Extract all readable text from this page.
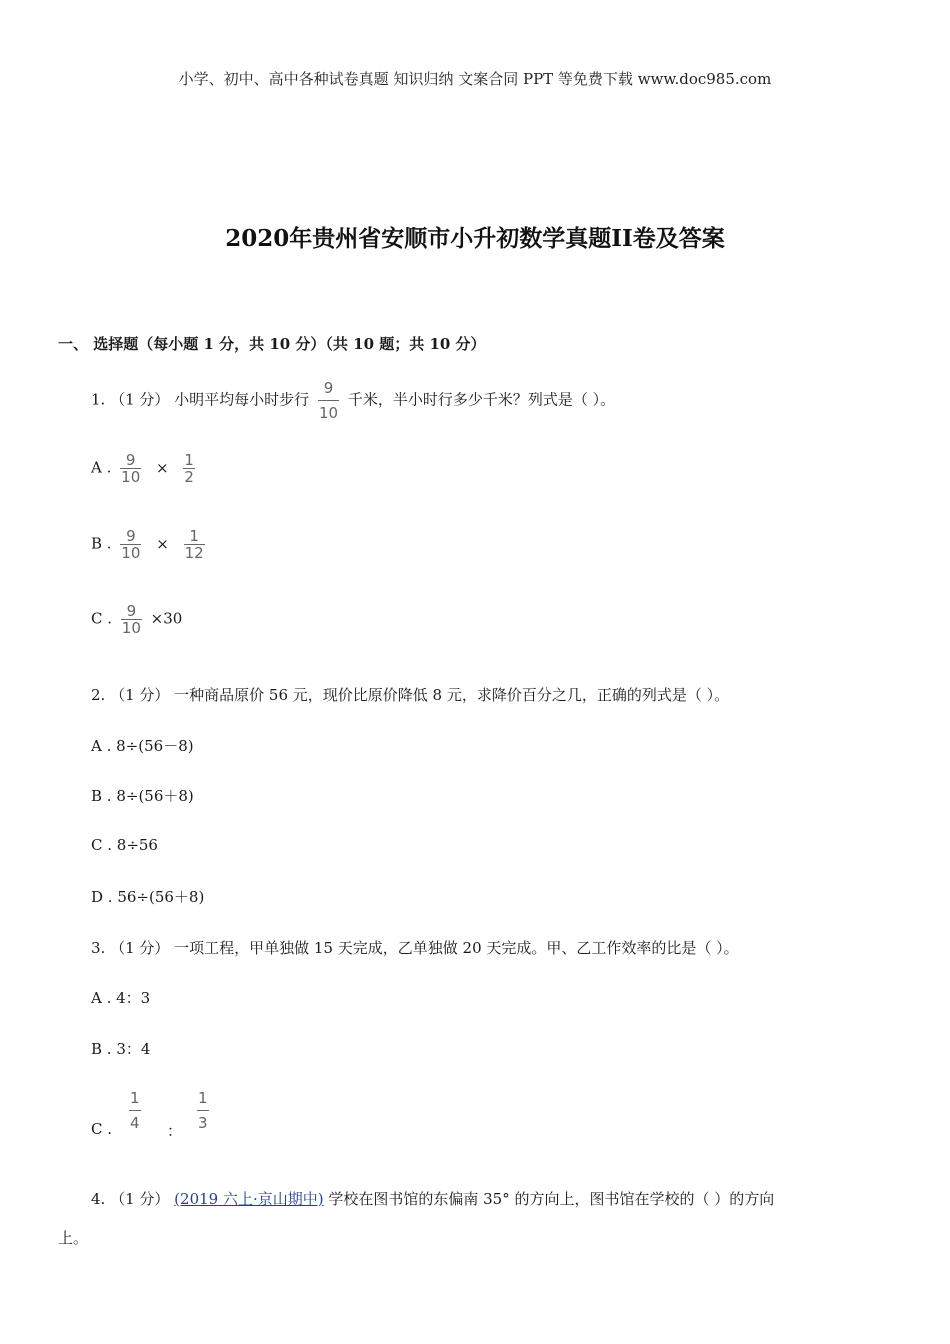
小学、初中、高中各种试卷真题 知识归纳 文案合同 PPT 等免费下载 www.doc985.com
2020年贵州省安顺市小升初数学真题II卷及答案
一、 选择题（每小题 1 分，共 10 分）（共 10 题；共 10 分）
1. （1 分） 小明平均每小时步行 $\frac{9}{10}$ 千米，半小时行多少千米？列式是（ ）。
A . $\frac{9}{10} \times \frac{1}{2}$
B . $\frac{9}{10} \times \frac{1}{12}$
C . $\frac{9}{10} \times 30$
2. （1 分） 一种商品原价 56 元，现价比原价降低 8 元，求降价百分之几，正确的列式是（ ）。
A . 8÷(56－8)
B . 8÷(56＋8)
C . 8÷56
D . 56÷(56＋8)
3. （1 分） 一项工程，甲单独做 15 天完成，乙单独做 20 天完成。甲、乙工作效率的比是（ ）。
A . 4：3
B . 3：4
C .
1
4 ：
1
3
4. （1 分） (2019 六上·京山期中) 学校在图书馆的东偏南 35° 的方向上，图书馆在学校的（ ）的方向
上。
